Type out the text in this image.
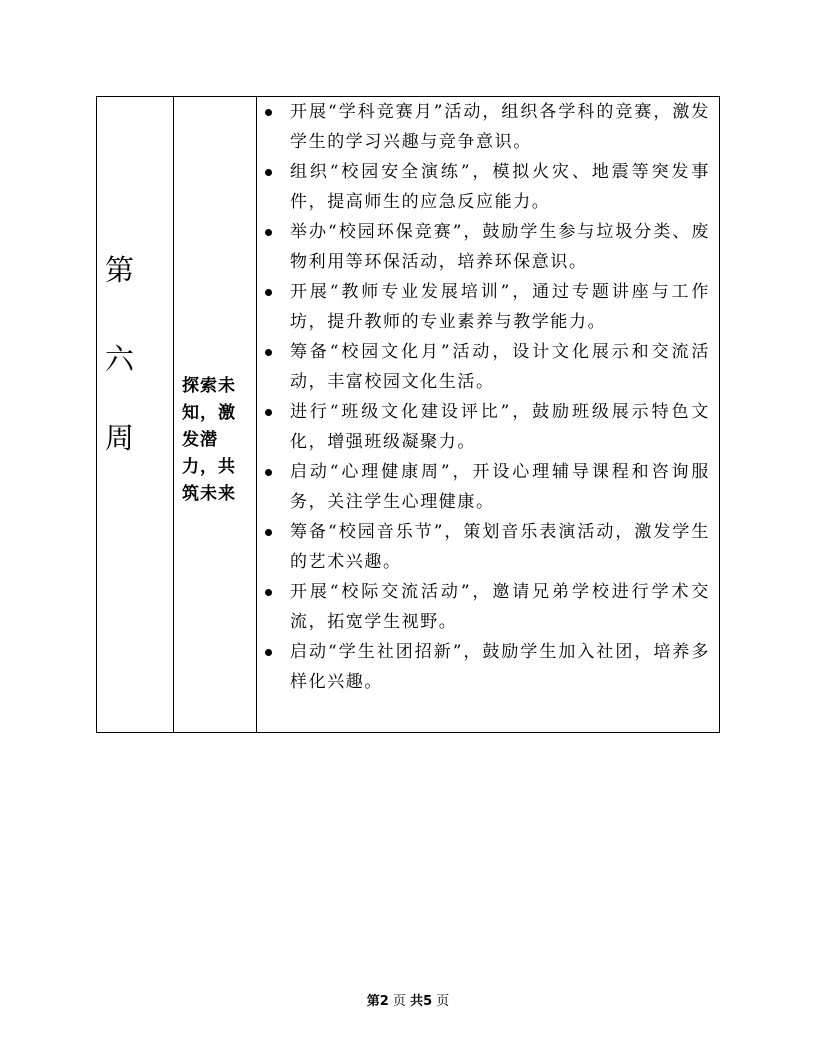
第
六
周
探索未知，激发潜力，共筑未来
开展“学科竞赛月”活动，组织各学科的竞赛，激发学生的学习兴趣与竞争意识。
组织“校园安全演练”，模拟火灾、地震等突发事件，提高师生的应急反应能力。
举办“校园环保竞赛”，鼓励学生参与垃圾分类、废物利用等环保活动，培养环保意识。
开展“教师专业发展培训”，通过专题讲座与工作坊，提升教师的专业素养与教学能力。
筹备“校园文化月”活动，设计文化展示和交流活动，丰富校园文化生活。
进行“班级文化建设评比”，鼓励班级展示特色文化，增强班级凝聚力。
启动“心理健康周”，开设心理辅导课程和咨询服务，关注学生心理健康。
筹备“校园音乐节”，策划音乐表演活动，激发学生的艺术兴趣。
开展“校际交流活动”，邀请兄弟学校进行学术交流，拓宽学生视野。
启动“学生社团招新”，鼓励学生加入社团，培养多样化兴趣。
第2 页 共5 页
